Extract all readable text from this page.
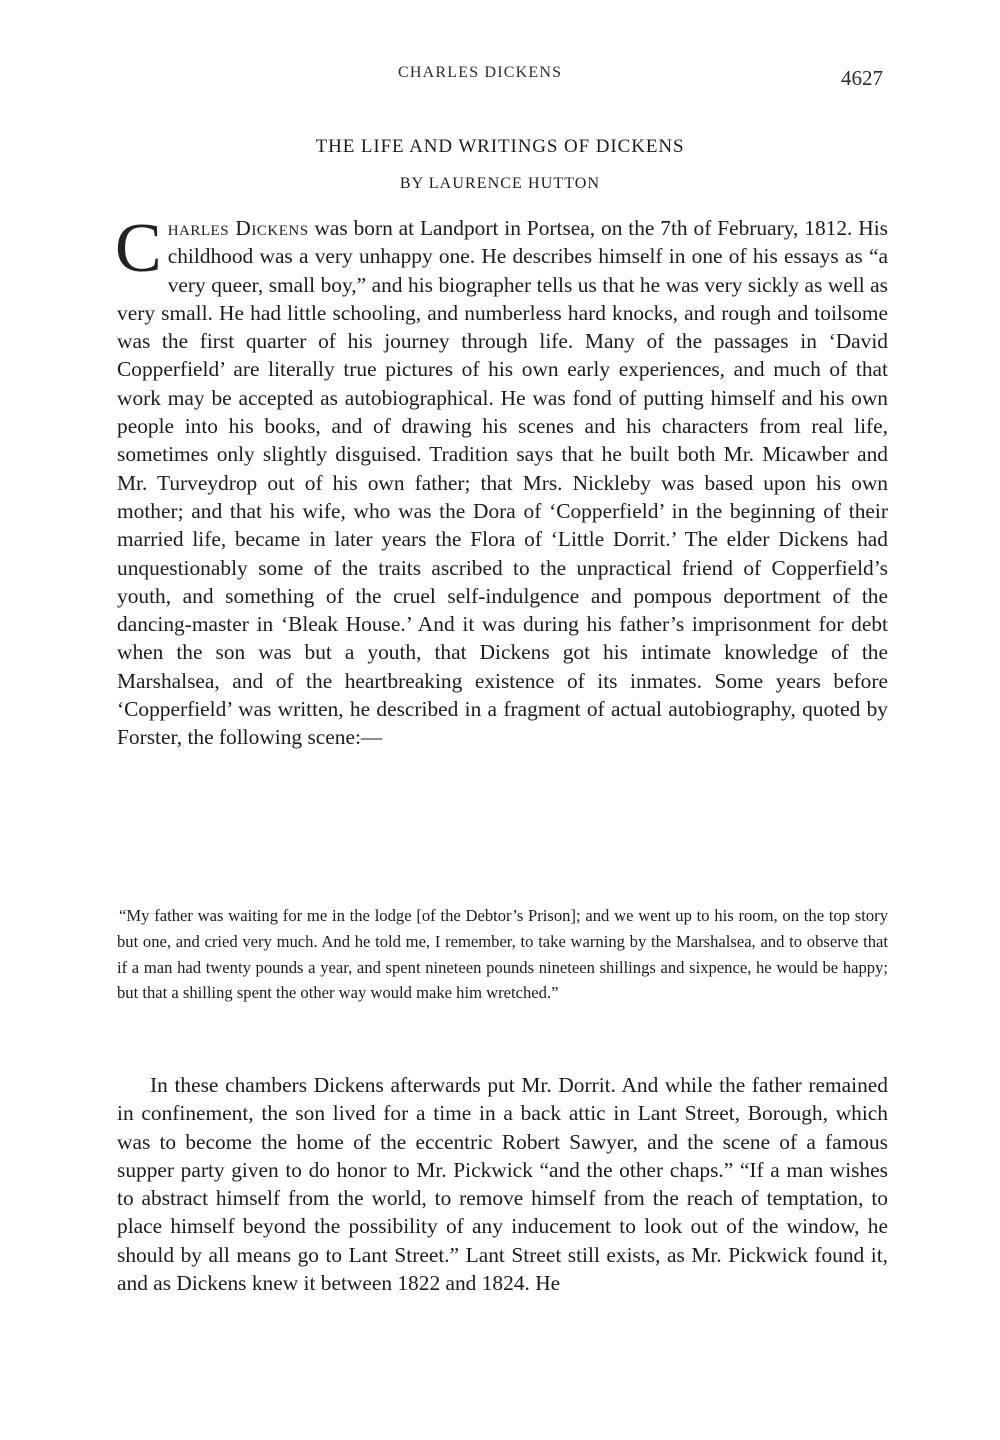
CHARLES DICKENS	4627
THE LIFE AND WRITINGS OF DICKENS
BY LAURENCE HUTTON

Charles Dickens was born at Landport in Portsea, on the 7th of February, 1812. His childhood was a very unhappy one. He describes himself in one of his essays as “a very queer, small boy,” and his biographer tells us that he was very sickly as well as very small. He had little schooling, and numberless hard knocks, and rough and toilsome was the first quarter of his journey through life. Many of the passages in ‘David Copperfield’ are literally true pictures of his own early experiences, and much of that work may be accepted as autobiographical. He was fond of putting himself and his own people into his books, and of drawing his scenes and his characters from real life, sometimes only slightly disguised. Tradition says that he built both Mr. Micawber and Mr. Turveydrop out of his own father; that Mrs. Nickleby was based upon his own mother; and that his wife, who was the Dora of ‘Copperfield’ in the beginning of their married life, became in later years the Flora of ‘Little Dorrit.’ The elder Dickens had unquestionably some of the traits ascribed to the unpractical friend of Copperfield’s youth, and something of the cruel self-indulgence and pompous deportment of the dancing-master in ‘Bleak House.’ And it was during his father’s imprisonment for debt when the son was but a youth, that Dickens got his intimate knowledge of the Marshalsea, and of the heartbreaking existence of its inmates. Some years before ‘Copperfield’ was written, he described in a fragment of actual autobiography, quoted by Forster, the following scene:—

“My father was waiting for me in the lodge [of the Debtor’s Prison]; and we went up to his room, on the top story but one, and cried very much. And he told me, I remember, to take warning by the Marshalsea, and to observe that if a man had twenty pounds a year, and spent nineteen pounds nineteen shillings and sixpence, he would be happy; but that a shilling spent the other way would make him wretched.”

In these chambers Dickens afterwards put Mr. Dorrit. And while the father remained in confinement, the son lived for a time in a back attic in Lant Street, Borough, which was to become the home of the eccentric Robert Sawyer, and the scene of a famous supper party given to do honor to Mr. Pickwick “and the other chaps.” “If a man wishes to abstract himself from the world, to remove himself from the reach of temptation, to place himself beyond the possibility of any inducement to look out of the window, he should by all means go to Lant Street.” Lant Street still exists, as Mr. Pickwick found it, and as Dickens knew it between 1822 and 1824. He
